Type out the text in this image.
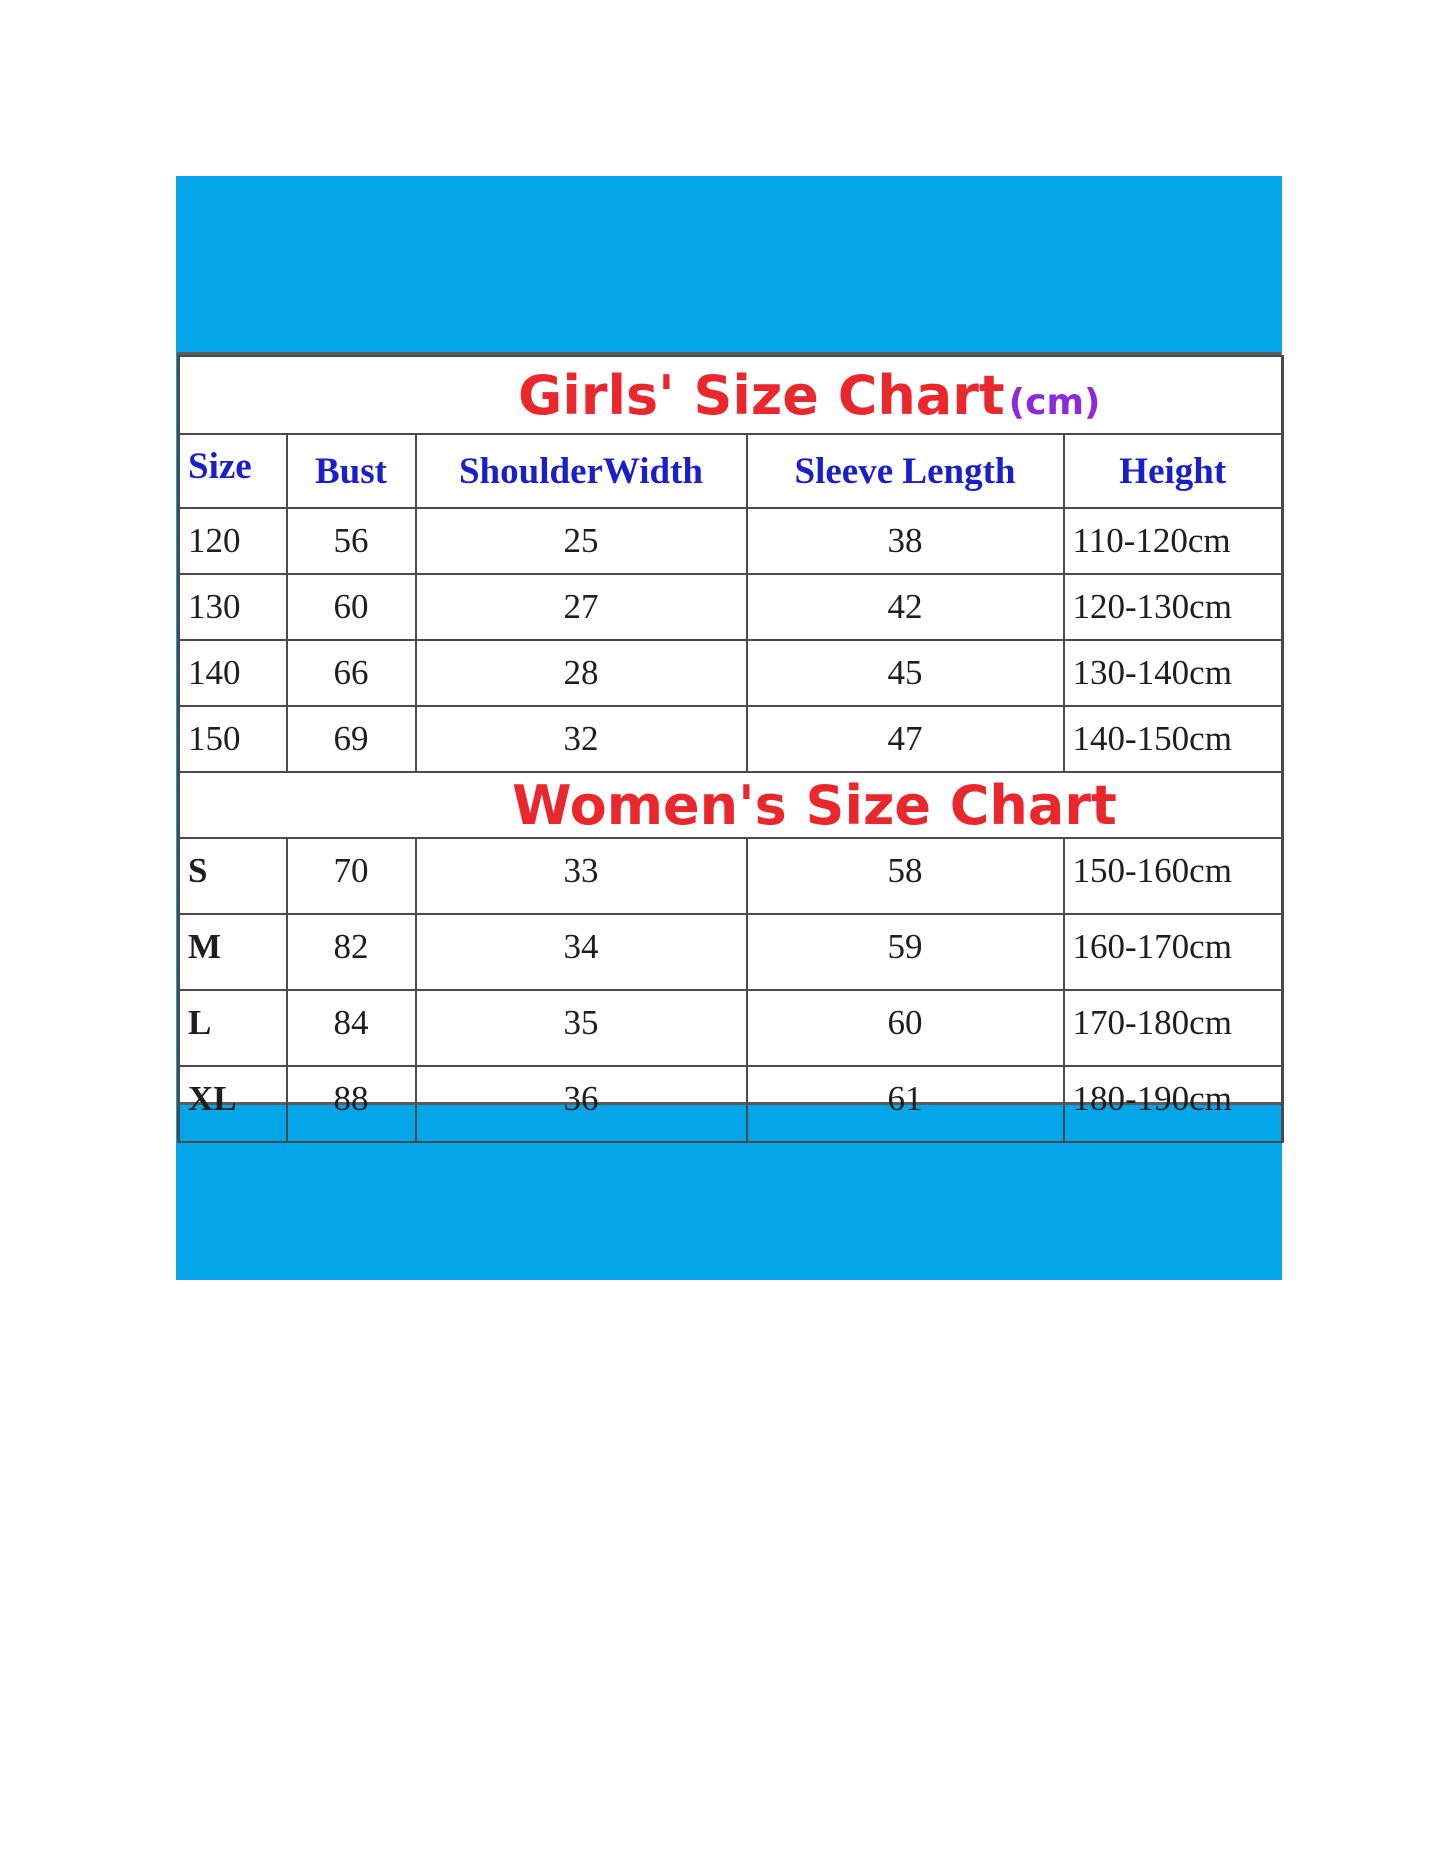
Girls' Size Chart (cm)				
Size	Bust	ShoulderWidth	Sleeve Length	Height
120	56	25	38	110-120cm
130	60	27	42	120-130cm
140	66	28	45	130-140cm
150	69	32	47	140-150cm
Women's Size Chart				
S	70	33	58	150-160cm
M	82	34	59	160-170cm
L	84	35	60	170-180cm
XL	88	36	61	180-190cm
